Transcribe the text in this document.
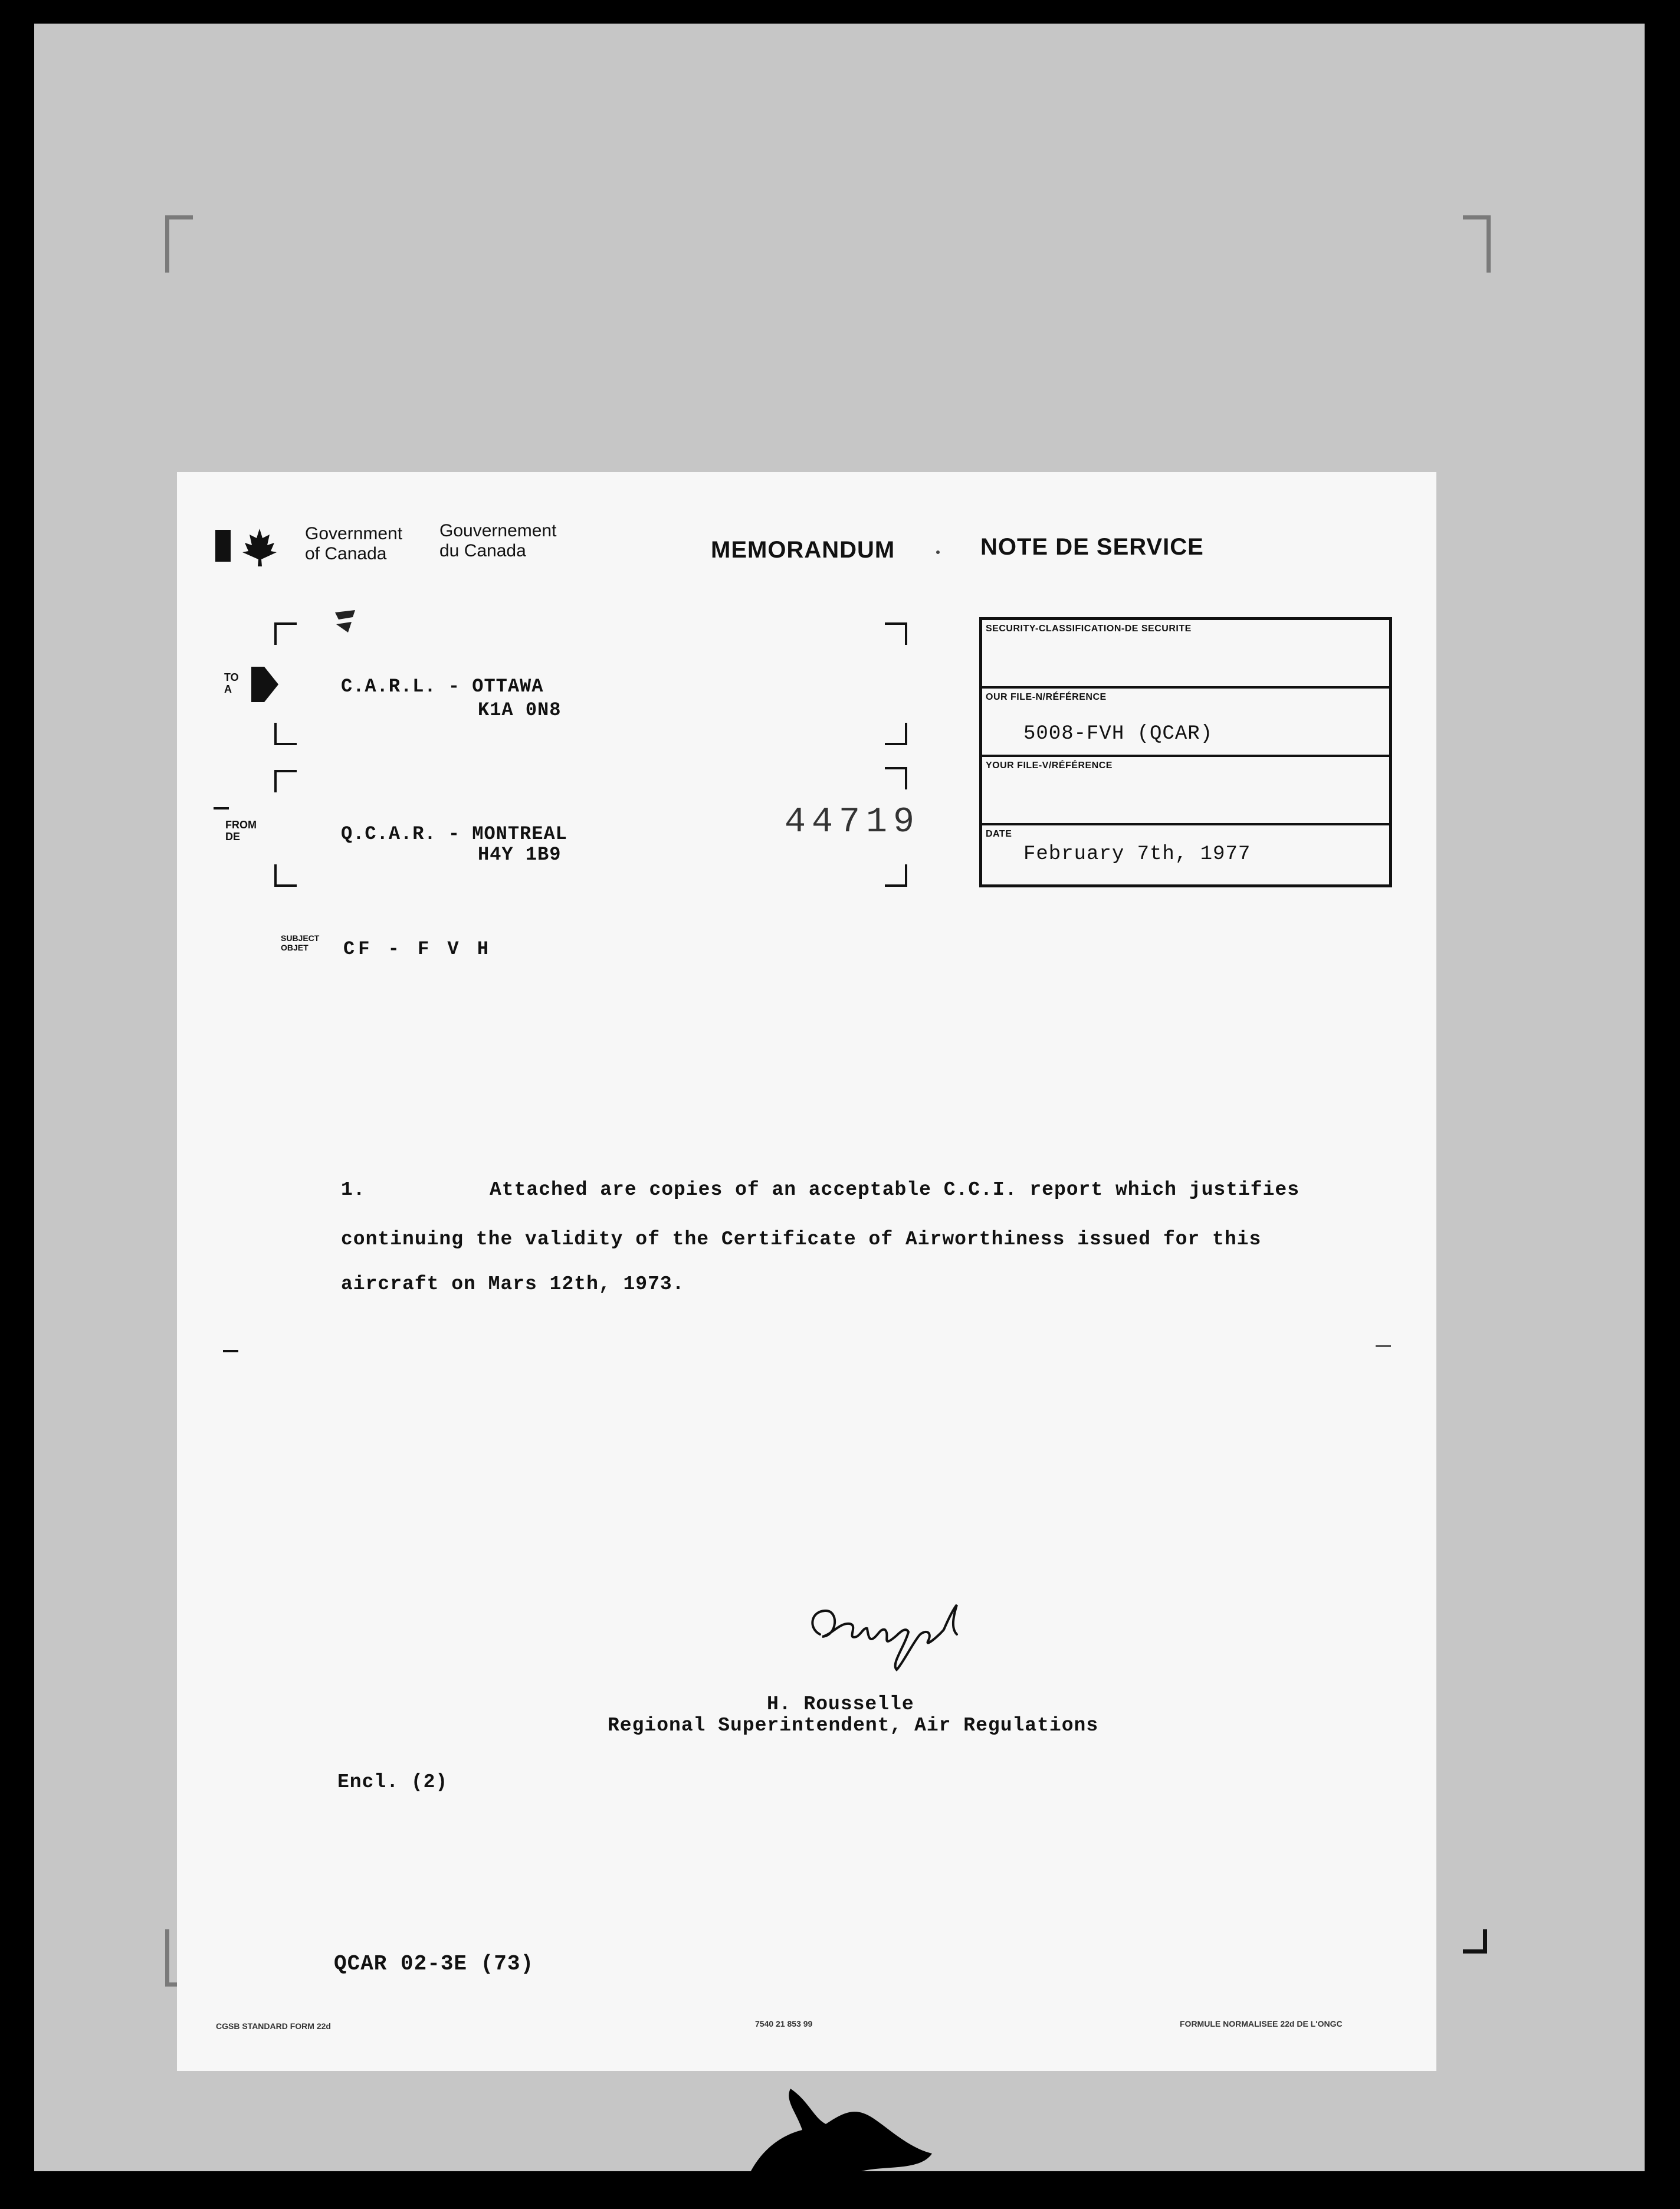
Government
of Canada
Gouvernement
du Canada	MEMORANDUM	NOTE DE SERVICE
TO
A	C.A.R.L. - OTTAWA
K1A 0N8
FROM
DE	Q.C.A.R. - MONTREAL
H4Y 1B9
44719
SUBJECT
OBJET	CF - F V H
SECURITY-CLASSIFICATION-DE SECURITE
OUR FILE-N/RÉFÉRENCE
5008-FVH (QCAR)
YOUR FILE-V/RÉFÉRENCE
DATE
February 7th, 1977
1.	Attached are copies of an acceptable C.C.I. report which justifies
continuing the validity of the Certificate of Airworthiness issued for this
aircraft on Mars 12th, 1973.
H. Rousselle
Regional Superintendent, Air Regulations
Encl. (2)
QCAR 02-3E (73)
CGSB STANDARD FORM 22d	7540 21 853 99	FORMULE NORMALISEE 22d DE L'ONGC
